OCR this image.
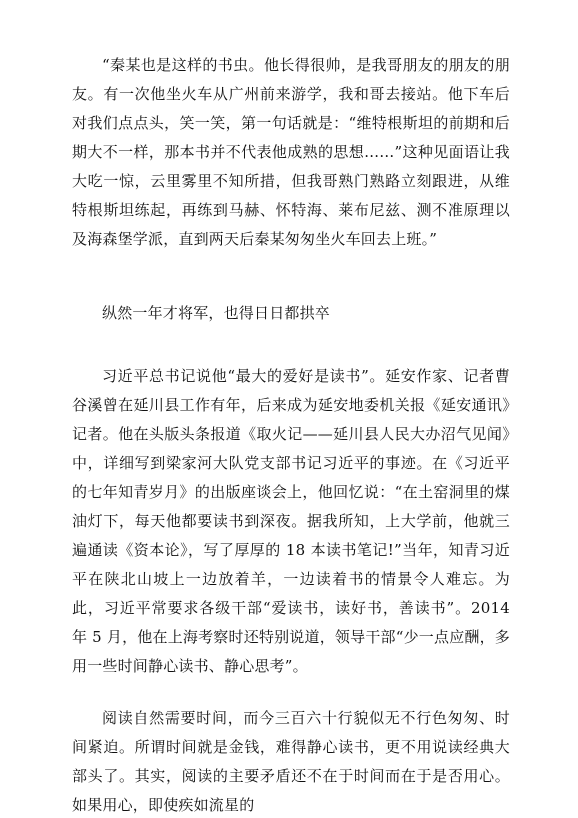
“秦某也是这样的书虫。他长得很帅，是我哥朋友的朋友的朋友。有一次他坐火车从广州前来游学，我和哥去接站。他下车后对我们点点头，笑一笑，第一句话就是：“维特根斯坦的前期和后期大不一样，那本书并不代表他成熟的思想……”这种见面语让我大吃一惊，云里雾里不知所措，但我哥熟门熟路立刻跟进，从维特根斯坦练起，再练到马赫、怀特海、莱布尼兹、测不准原理以及海森堡学派，直到两天后秦某匆匆坐火车回去上班。”

纵然一年才将军，也得日日都拱卒

习近平总书记说他“最大的爱好是读书”。延安作家、记者曹谷溪曾在延川县工作有年，后来成为延安地委机关报《延安通讯》记者。他在头版头条报道《取火记——延川县人民大办沼气见闻》中，详细写到梁家河大队党支部书记习近平的事迹。在《习近平的七年知青岁月》的出版座谈会上，他回忆说：“在土窑洞里的煤油灯下，每天他都要读书到深夜。据我所知，上大学前，他就三遍通读《资本论》，写了厚厚的 18 本读书笔记!”当年，知青习近平在陕北山坡上一边放着羊，一边读着书的情景令人难忘。为此，习近平常要求各级干部“爱读书，读好书，善读书”。2014 年 5 月，他在上海考察时还特别说道，领导干部“少一点应酬，多用一些时间静心读书、静心思考”。

阅读自然需要时间，而今三百六十行貌似无不行色匆匆、时间紧迫。所谓时间就是金钱，难得静心读书，更不用说读经典大部头了。其实，阅读的主要矛盾还不在于时间而在于是否用心。如果用心，即使疾如流星的
